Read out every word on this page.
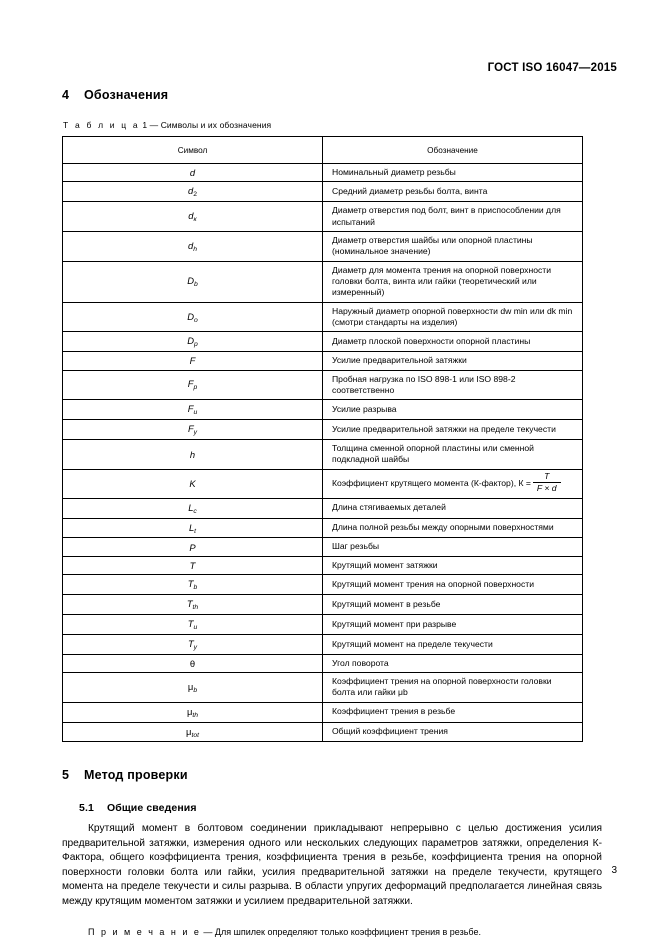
ГОСТ ISO 16047—2015
4 Обозначения
Т а б л и ц а 1 — Символы и их обозначения
Символ	Обозначение
d	Номинальный диаметр резьбы
$d_2$	Средний диаметр резьбы болта, винта
$d_к$	Диаметр отверстия под болт, винт в приспособлении для испытаний
$d_h$	Диаметр отверстия шайбы или опорной пластины (номинальное значение)
$D_b$	Диаметр для момента трения на опорной поверхности головки болта, винта или гайки (теоретический или измеренный)
$D_o$	Наружный диаметр опорной поверхности dw min или dk min (смотри стандарты на изделия)
$D_p$	Диаметр плоской поверхности опорной пластины
F	Усилие предварительной затяжки
$F_p$	Пробная нагрузка по ISO 898-1 или ISO 898-2 соответственно
$F_u$	Усилие разрыва
$F_y$	Усилие предварительной затяжки на пределе текучести
h	Толщина сменной опорной пластины или сменной подкладной шайбы
K	Коэффициент крутящего момента (К-фактор), $К = \frac{T}{F \times d}$

$L_c$	Длина стягиваемых деталей
$L_t$	Длина полной резьбы между опорными поверхностями
P	Шаг резьбы
T	Крутящий момент затяжки
$T_b$	Крутящий момент трения на опорной поверхности
$T_{th}$	Крутящий момент в резьбе
$T_u$	Крутящий момент при разрыве
$T_y$	Крутящий момент на пределе текучести
θ	Угол поворота
$\mu_b$	Коэффициент трения на опорной поверхности головки болта или гайки μb
$\mu_{th}$	Коэффициент трения в резьбе
$\mu_{tot}$	Общий коэффициент трения
5 Метод проверки
5.1 Общие сведения

Крутящий момент в болтовом соединении прикладывают непрерывно с целью достижения усилия предварительной затяжки, измерения одного или нескольких следующих параметров затяжки, определения К-Фактора, общего коэффициента трения, коэффициента трения в резьбе, коэффициента трения на опорной поверхности головки болта или гайки, усилия предварительной затяжки на пределе текучести, крутящего момента на пределе текучести и силы разрыва. В области упругих деформаций предполагается линейная связь между крутящим моментом затяжки и усилием предварительной затяжки.

П р и м е ч а н и е — Для шпилек определяют только коэффициент трения в резьбе.

3
